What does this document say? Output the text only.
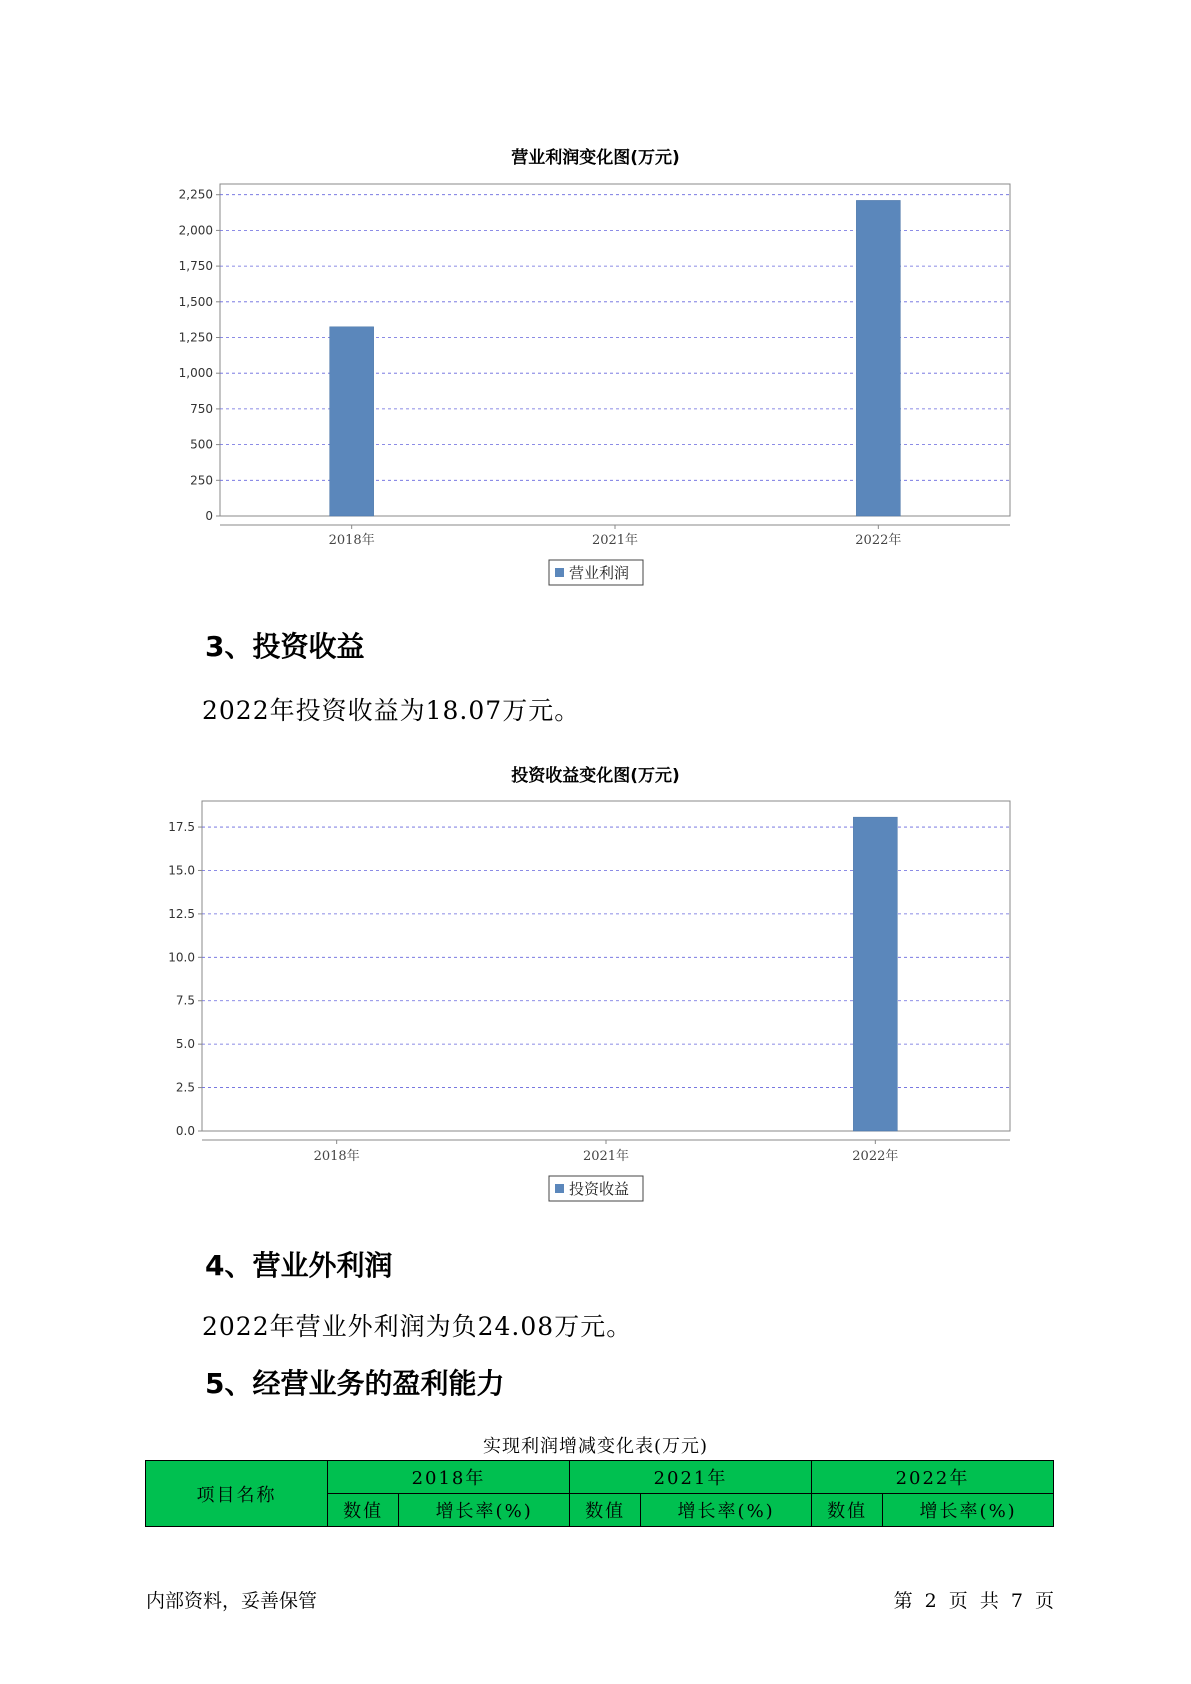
营业利润变化图(万元)
0
250
500
750
1,000
1,250
1,500
1,750
2,000
2,250
2018年	2021年	2022年
营业利润
3、投资收益
2022年投资收益为18.07万元。
投资收益变化图(万元)
0.0
2.5
5.0
7.5
10.0
12.5
15.0
17.5
2018年	2021年	2022年
投资收益
4、营业外利润
2022年营业外利润为负24.08万元。
5、经营业务的盈利能力
实现利润增减变化表(万元)
项目名称	2018年		2021年		2022年	
	数值	增长率(%)	数值	增长率(%)	数值	增长率(%)
内部资料，妥善保管	第 2 页 共 7 页
